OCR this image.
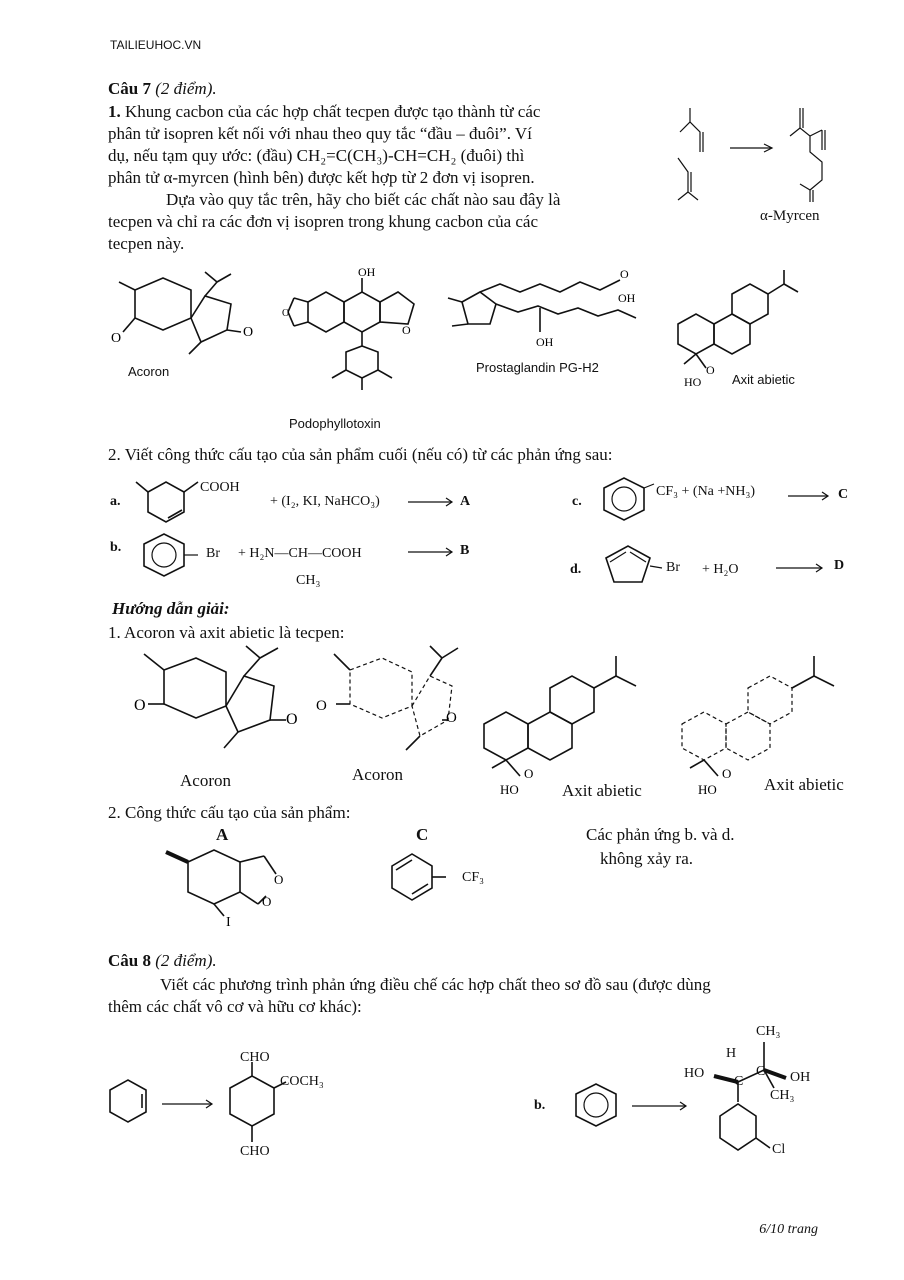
TAILIEUHOC.VN
Câu 7 (2 điểm).
1. Khung cacbon của các hợp chất tecpen được tạo thành từ các
phân tử isopren kết nối với nhau theo quy tắc “đầu – đuôi”. Ví
dụ, nếu tạm quy ước: (đầu) CH₂=C(CH₃)-CH=CH₂ (đuôi) thì
phân tử α-myrcen (hình bên) được kết hợp từ 2 đơn vị isopren.
Dựa vào quy tắc trên, hãy cho biết các chất nào sau đây là
tecpen và chỉ ra các đơn vị isopren trong khung cacbon của các
tecpen này.
α-Myrcen
O	O
Acoron
OH
O
O
Podophyllotoxin
O
OH
OH
Prostaglandin PG-H2
HO
O
Axit abietic
2. Viết công thức cấu tạo của sản phẩm cuối (nếu có) từ các phản ứng sau:
a.
COOH
+ (I₂, KI, NaHCO₃)	A	c.
CF₃ + (Na +NH₃)	C
b.	Br + H₂N—CH—COOH
CH₃
B
d.	Br + H₂O	D
Hướng dẫn giải:
1. Acoron và axit abietic là tecpen:
O
O
Acoron
O
O
Acoron
HO
O
Axit abietic	HO
O
Axit abietic
2. Công thức cấu tạo của sản phẩm:
A	C	Các phản ứng b. và d.
không xảy ra.
O
O
I
CF₃
Câu 8 (2 điểm).
Viết các phương trình phản ứng điều chế các hợp chất theo sơ đồ sau (được dùng
thêm các chất vô cơ và hữu cơ khác):
CHO
COCH₃
CHO
b.
CH₃
H
HO
C
C OH
CH₃
Cl
6/10 trang
